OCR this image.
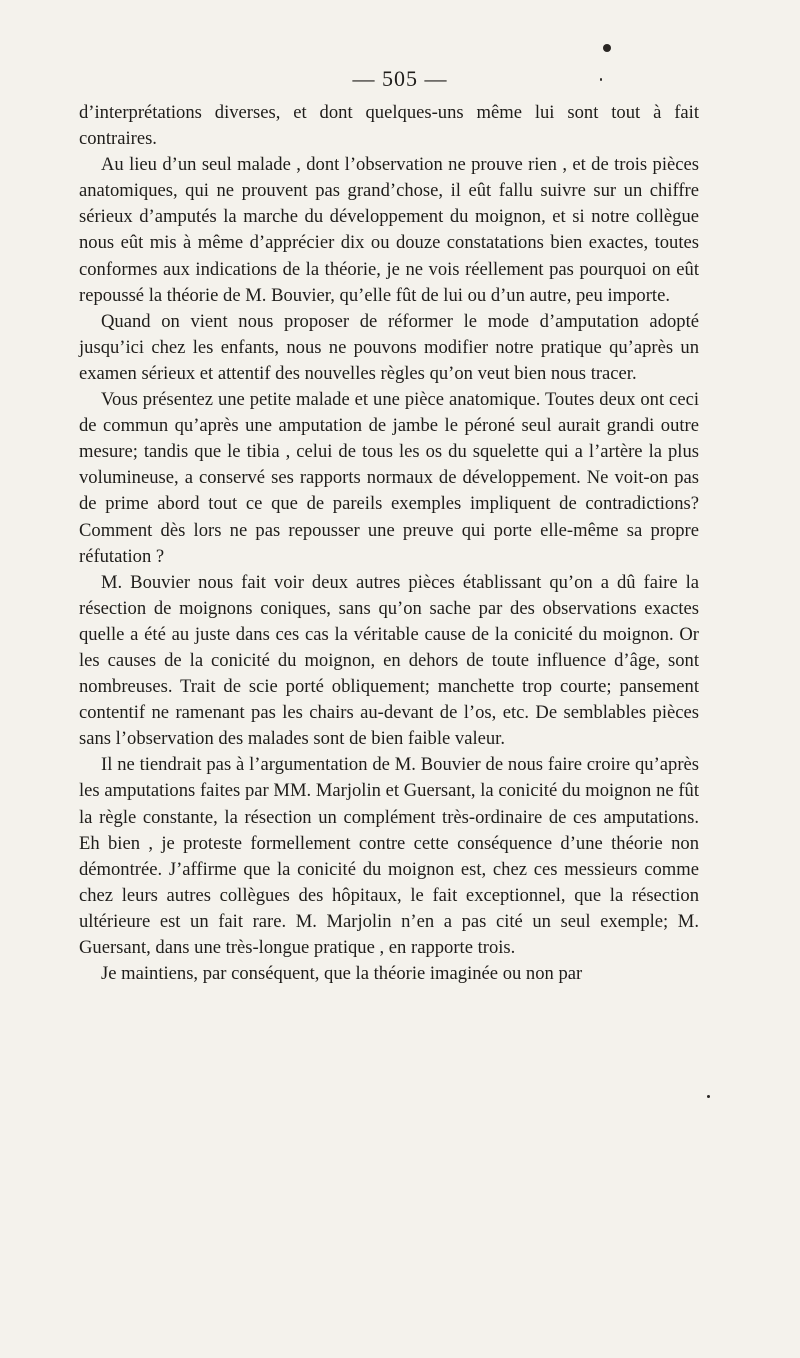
— 505 —

d’interprétations diverses, et dont quelques-uns même lui sont tout à fait contraires.

Au lieu d’un seul malade , dont l’observation ne prouve rien , et de trois pièces anatomiques, qui ne prouvent pas grand’chose, il eût fallu suivre sur un chiffre sérieux d’amputés la marche du développement du moignon, et si notre collègue nous eût mis à même d’apprécier dix ou douze constatations bien exactes, toutes conformes aux indications de la théorie, je ne vois réellement pas pourquoi on eût repoussé la théorie de M. Bouvier, qu’elle fût de lui ou d’un autre, peu importe.

Quand on vient nous proposer de réformer le mode d’amputation adopté jusqu’ici chez les enfants, nous ne pouvons modifier notre pratique qu’après un examen sérieux et attentif des nouvelles règles qu’on veut bien nous tracer.

Vous présentez une petite malade et une pièce anatomique. Toutes deux ont ceci de commun qu’après une amputation de jambe le péroné seul aurait grandi outre mesure; tandis que le tibia , celui de tous les os du squelette qui a l’artère la plus volumineuse, a conservé ses rapports normaux de développement. Ne voit-on pas de prime abord tout ce que de pareils exemples impliquent de contradictions? Comment dès lors ne pas repousser une preuve qui porte elle-même sa propre réfutation ?

M. Bouvier nous fait voir deux autres pièces établissant qu’on a dû faire la résection de moignons coniques, sans qu’on sache par des observations exactes quelle a été au juste dans ces cas la véritable cause de la conicité du moignon. Or les causes de la conicité du moignon, en dehors de toute influence d’âge, sont nombreuses. Trait de scie porté obliquement; manchette trop courte; pansement contentif ne ramenant pas les chairs au-devant de l’os, etc. De semblables pièces sans l’observation des malades sont de bien faible valeur.

Il ne tiendrait pas à l’argumentation de M. Bouvier de nous faire croire qu’après les amputations faites par MM. Marjolin et Guersant, la conicité du moignon ne fût la règle constante, la résection un complément très-ordinaire de ces amputations. Eh bien , je proteste formellement contre cette conséquence d’une théorie non démontrée. J’affirme que la conicité du moignon est, chez ces messieurs comme chez leurs autres collègues des hôpitaux, le fait exceptionnel, que la résection ultérieure est un fait rare. M. Marjolin n’en a pas cité un seul exemple; M. Guersant, dans une très-longue pratique , en rapporte trois.

Je maintiens, par conséquent, que la théorie imaginée ou non par
